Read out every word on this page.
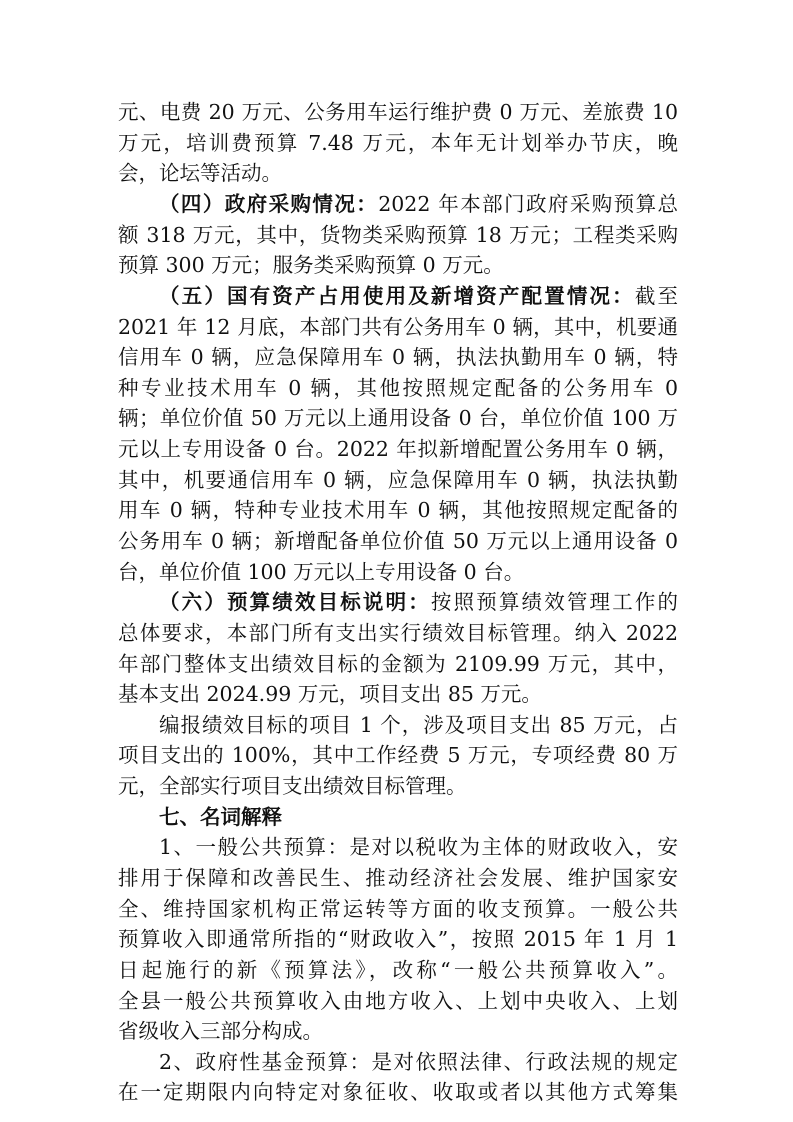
元、电费 20 万元、公务用车运行维护费 0 万元、差旅费 10
万元，培训费预算 7.48 万元，本年无计划举办节庆，晚
会，论坛等活动。
（四）政府采购情况：2022 年本部门政府采购预算总
额 318 万元，其中，货物类采购预算 18 万元；工程类采购
预算 300 万元；服务类采购预算 0 万元。
（五）国有资产占用使用及新增资产配置情况：截至
2021 年 12 月底，本部门共有公务用车 0 辆，其中，机要通
信用车 0 辆，应急保障用车 0 辆，执法执勤用车 0 辆，特
种专业技术用车 0 辆，其他按照规定配备的公务用车 0
辆；单位价值 50 万元以上通用设备 0 台，单位价值 100 万
元以上专用设备 0 台。2022 年拟新增配置公务用车 0 辆，
其中，机要通信用车 0 辆，应急保障用车 0 辆，执法执勤
用车 0 辆，特种专业技术用车 0 辆，其他按照规定配备的
公务用车 0 辆；新增配备单位价值 50 万元以上通用设备 0
台，单位价值 100 万元以上专用设备 0 台。
（六）预算绩效目标说明：按照预算绩效管理工作的
总体要求，本部门所有支出实行绩效目标管理。纳入 2022
年部门整体支出绩效目标的金额为 2109.99 万元，其中，
基本支出 2024.99 万元，项目支出 85 万元。
编报绩效目标的项目 1 个，涉及项目支出 85 万元，占
项目支出的 100%，其中工作经费 5 万元，专项经费 80 万
元，全部实行项目支出绩效目标管理。
七、名词解释
1、一般公共预算：是对以税收为主体的财政收入，安
排用于保障和改善民生、推动经济社会发展、维护国家安
全、维持国家机构正常运转等方面的收支预算。一般公共
预算收入即通常所指的“财政收入”，按照 2015 年 1 月 1
日起施行的新《预算法》，改称“一般公共预算收入”。
全县一般公共预算收入由地方收入、上划中央收入、上划
省级收入三部分构成。
2、政府性基金预算：是对依照法律、行政法规的规定
在一定期限内向特定对象征收、收取或者以其他方式筹集
